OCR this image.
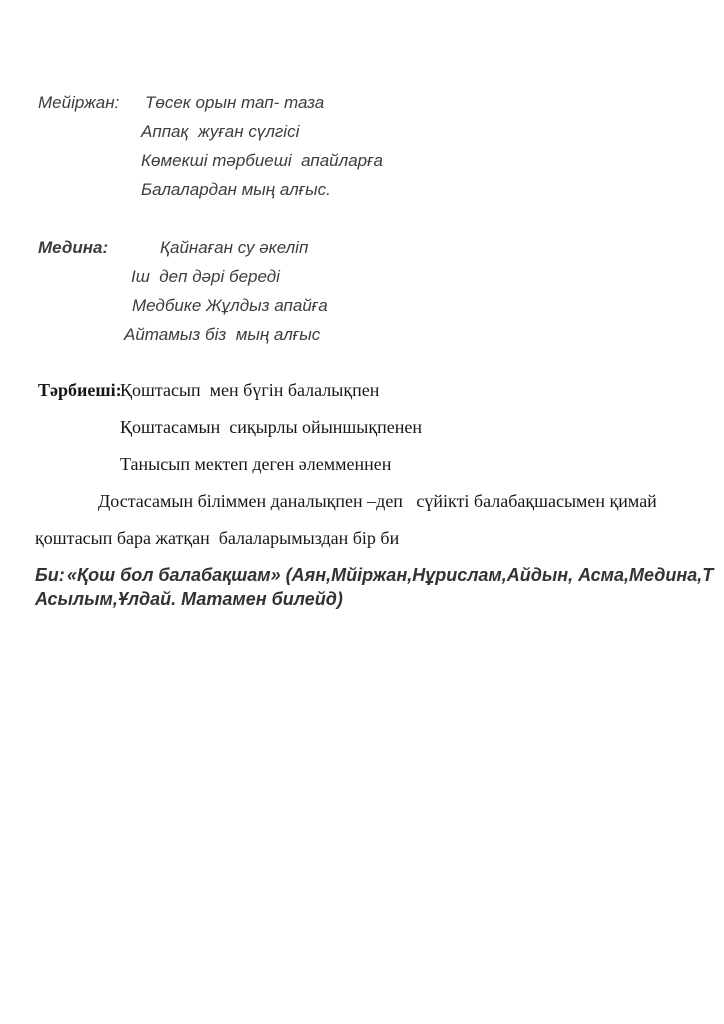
Мейіржан: Төсек орын тап- таза
Аппақ  жуған сүлгісі
Көмекші тәрбиеші  апайларға
Балалардан мың алғыс.
Медина:	Қайнаған су әкеліп
Іш  деп дәрі береді
Медбике Жұлдыз апайға
Айтамыз біз  мың алғыс
Тәрбиеші:Қоштасып  мен бүгін балалықпен
Қоштасамын  сиқырлы ойыншықпенен
Танысып мектеп деген әлемменнен
Достасамын біліммен даналықпен –деп   сүйікті балабақшасымен қимай
қоштасып бара жатқан  балаларымыздан бір би
Би: «Қош бол балабақшам» (Аян,Мйіржан,Нұрислам,Айдын, Асма,Медина,Т
Асылым,Ұлдай. Матамен билейд)
